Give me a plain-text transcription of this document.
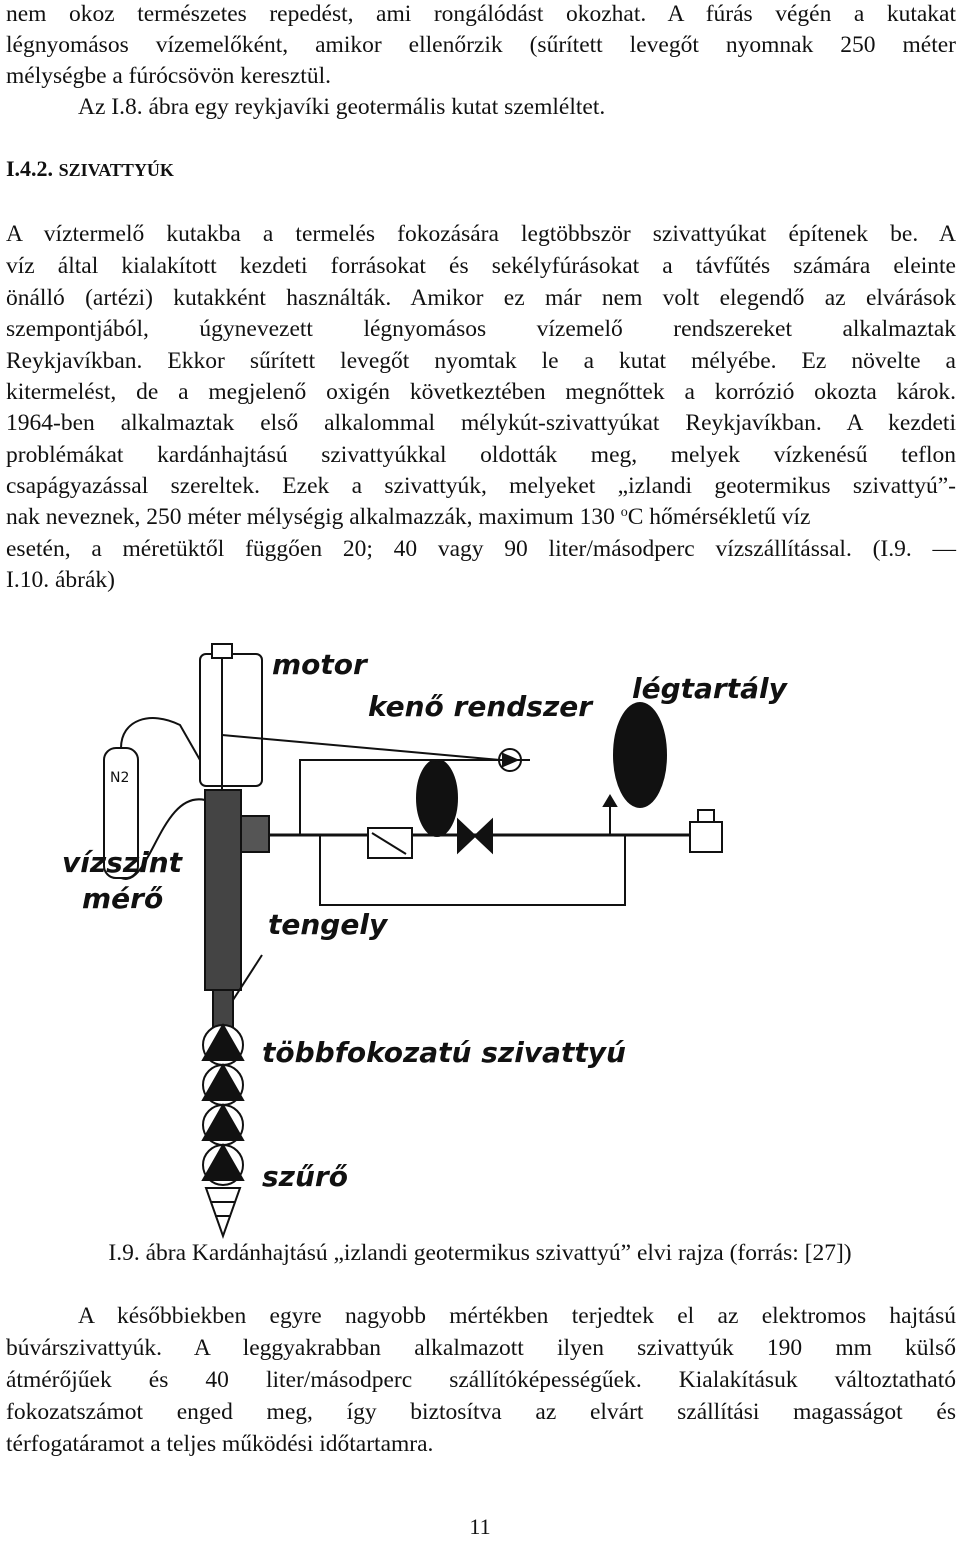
nem okoz természetes repedést, ami rongálódást okozhat. A fúrás végén a kutakat
légnyomásos vízemelőként, amikor ellenőrzik (sűrített levegőt nyomnak 250 méter
mélységbe a fúrócsövön keresztül.
Az I.8. ábra egy reykjavíki geotermális kutat szemléltet.
I.4.2. SZIVATTYÚK
A víztermelő kutakba a termelés fokozására legtöbbször szivattyúkat építenek be. A
víz által kialakított kezdeti forrásokat és sekélyfúrásokat a távfűtés számára eleinte
önálló (artézi) kutakként használták. Amikor ez már nem volt elegendő az elvárások
szempontjából, úgynevezett légnyomásos vízemelő rendszereket alkalmaztak
Reykjavíkban. Ekkor sűrített levegőt nyomtak le a kutat mélyébe. Ez növelte a
kitermelést, de a megjelenő oxigén következtében megnőttek a korrózió okozta károk.
1964-ben alkalmaztak első alkalommal mélykút-szivattyúkat Reykjavíkban. A kezdeti
problémákat kardánhajtású szivattyúkkal oldották meg, melyek vízkenésű teflon
csapágyazással szereltek. Ezek a szivattyúk, melyeket „izlandi geotermikus szivattyú”-
nak neveznek, 250 méter mélységig alkalmazzák, maximum 130 $^o$C hőmérsékletű víz
esetén, a méretüktől függően 20; 40 vagy 90 liter/másodperc vízszállítással. (I.9. —
I.10. ábrák)
motor
kenő rendszer
légtartály
vízszint
mérő
tengely
többfokozatú szivattyú
szűrő
N2
I.9. ábra Kardánhajtású „izlandi geotermikus szivattyú” elvi rajza (forrás: [27])
A későbbiekben egyre nagyobb mértékben terjedtek el az elektromos hajtású
búvárszivattyúk. A leggyakrabban alkalmazott ilyen szivattyúk 190 mm külső
átmérőjűek és 40 liter/másodperc szállítóképességűek. Kialakításuk változtatható
fokozatszámot enged meg, így biztosítva az elvárt szállítási magasságot és
térfogatáramot a teljes működési időtartamra.
11
